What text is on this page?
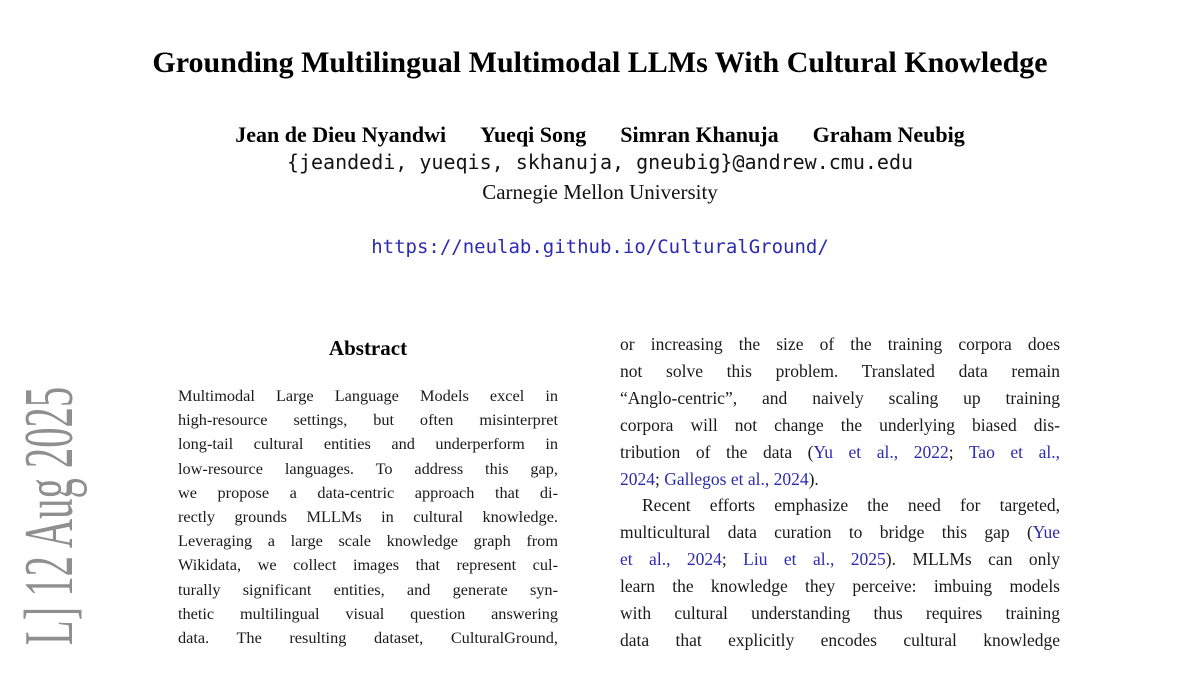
L] 12 Aug 2025
Grounding Multilingual Multimodal LLMs With Cultural Knowledge
Jean de Dieu Nyandwi Yueqi Song Simran Khanuja Graham Neubig
{jeandedi, yueqis, skhanuja, gneubig}@andrew.cmu.edu
Carnegie Mellon University
https://neulab.github.io/CulturalGround/
Abstract
Multimodal Large Language Models excel in
high-resource settings, but often misinterpret
long-tail cultural entities and underperform in
low-resource languages. To address this gap,
we propose a data-centric approach that di-
rectly grounds MLLMs in cultural knowledge.
Leveraging a large scale knowledge graph from
Wikidata, we collect images that represent cul-
turally significant entities, and generate syn-
thetic multilingual visual question answering
data. The resulting dataset, CulturalGround,
or increasing the size of the training corpora does
not solve this problem. Translated data remain
“Anglo-centric”, and naively scaling up training
corpora will not change the underlying biased dis-
tribution of the data (Yu et al., 2022; Tao et al.,
2024; Gallegos et al., 2024).
Recent efforts emphasize the need for targeted,
multicultural data curation to bridge this gap (Yue
et al., 2024; Liu et al., 2025). MLLMs can only
learn the knowledge they perceive: imbuing models
with cultural understanding thus requires training
data that explicitly encodes cultural knowledge
